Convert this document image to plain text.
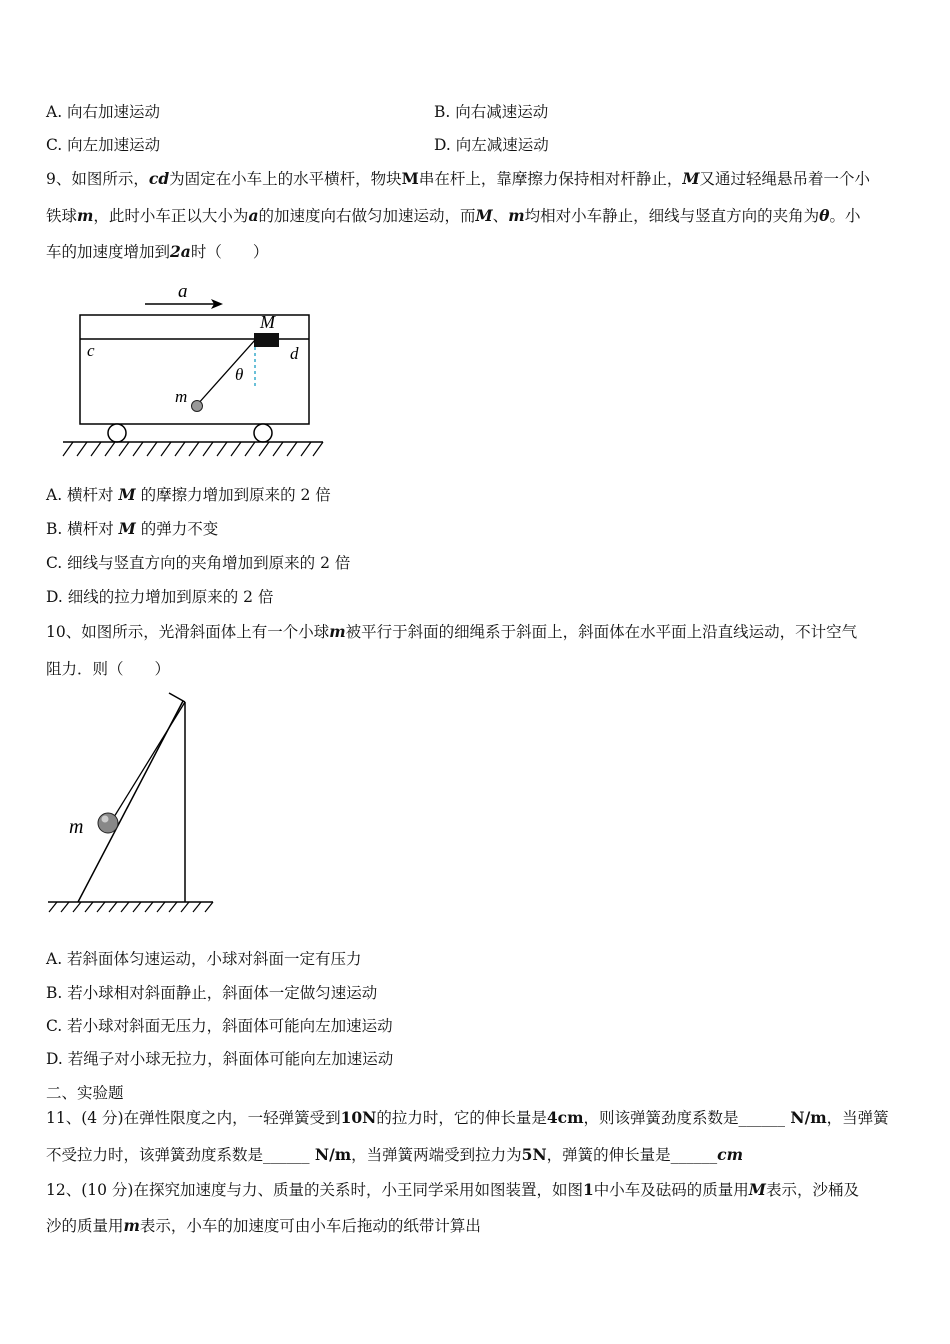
A. 向右加速运动	B. 向右减速运动
C. 向左加速运动	D. 向左减速运动
9、如图所示，cd为固定在小车上的水平横杆，物块M串在杆上，靠摩擦力保持相对杆静止，M又通过轻绳悬吊着一个小
铁球m，此时小车正以大小为a的加速度向右做匀加速运动，而M、m均相对小车静止，细线与竖直方向的夹角为θ。小
车的加速度增加到2a时（　　）
a
M
c	d
θ
m
A. 横杆对 M 的摩擦力增加到原来的 2 倍
B. 横杆对 M 的弹力不变
C. 细线与竖直方向的夹角增加到原来的 2 倍
D. 细线的拉力增加到原来的 2 倍
10、如图所示，光滑斜面体上有一个小球m被平行于斜面的细绳系于斜面上，斜面体在水平面上沿直线运动，不计空气
阻力．则（　　）
m
A. 若斜面体匀速运动，小球对斜面一定有压力
B. 若小球相对斜面静止，斜面体一定做匀速运动
C. 若小球对斜面无压力，斜面体可能向左加速运动
D. 若绳子对小球无拉力，斜面体可能向左加速运动
二、实验题
11、(4 分)在弹性限度之内，一轻弹簧受到10N的拉力时，它的伸长量是4cm，则该弹簧劲度系数是______ N/m，当弹簧
不受拉力时，该弹簧劲度系数是______ N/m，当弹簧两端受到拉力为5N，弹簧的伸长量是______cm
12、(10 分)在探究加速度与力、质量的关系时，小王同学采用如图装置，如图1中小车及砝码的质量用M表示，沙桶及
沙的质量用m表示，小车的加速度可由小车后拖动的纸带计算出
